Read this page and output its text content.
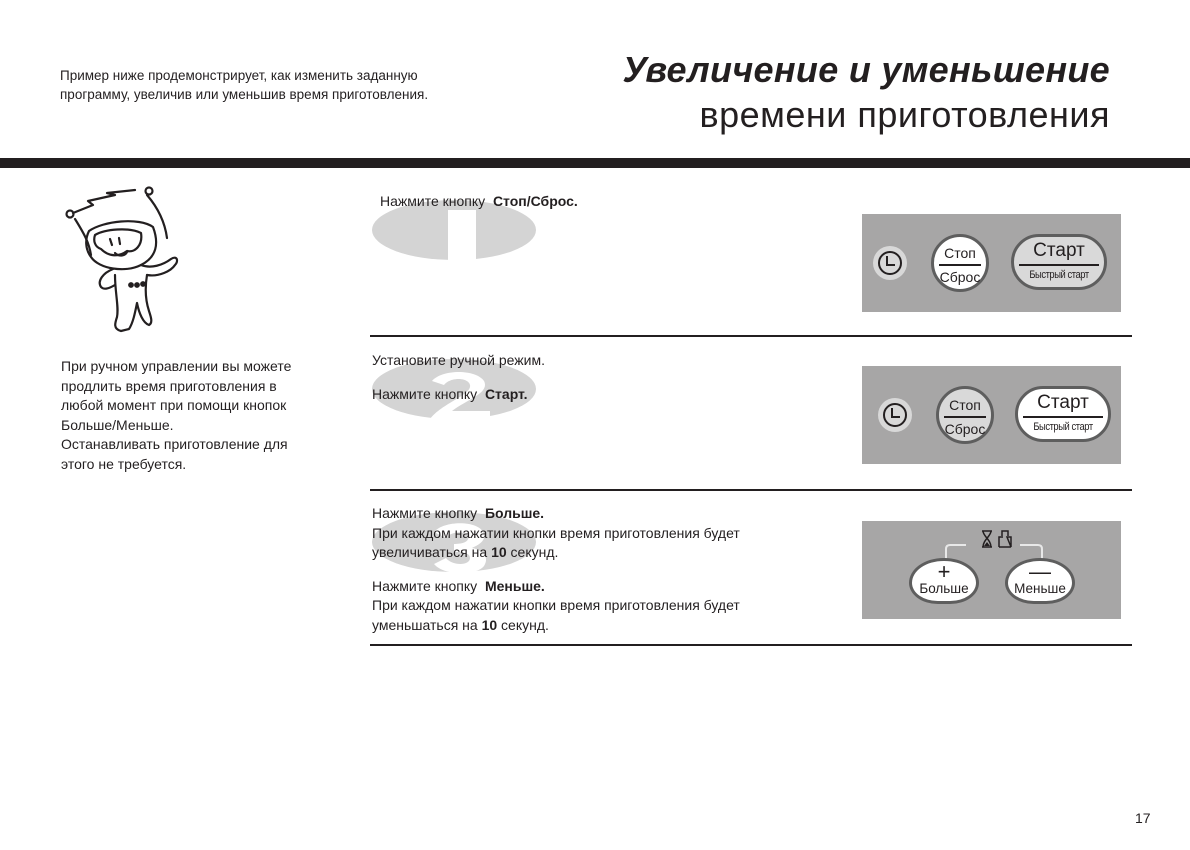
Пример ниже продемонстрирует, как изменить заданную программу, увеличив или уменьшив время приготовления.
Увеличение и уменьшение
времени приготовления
При ручном управлении вы можете
продлить время приготовления в
любой момент при помощи кнопок
Больше/Меньше.
Останавливать приготовление для
этого не требуется.
Нажмите кнопку Стоп/Сброс.
Стоп
Сброс
Старт
Быстрый старт
Установите ручной режим.
Нажмите кнопку Старт.
Стоп
Сброс
Старт
Быстрый старт
Нажмите кнопку Больше.
При каждом нажатии кнопки время приготовления будет
увеличиваться на 10 секунд.
Нажмите кнопку Меньше.
При каждом нажатии кнопки время приготовления будет
уменьшаться на 10 секунд.
+
Больше
—
Меньше
17
